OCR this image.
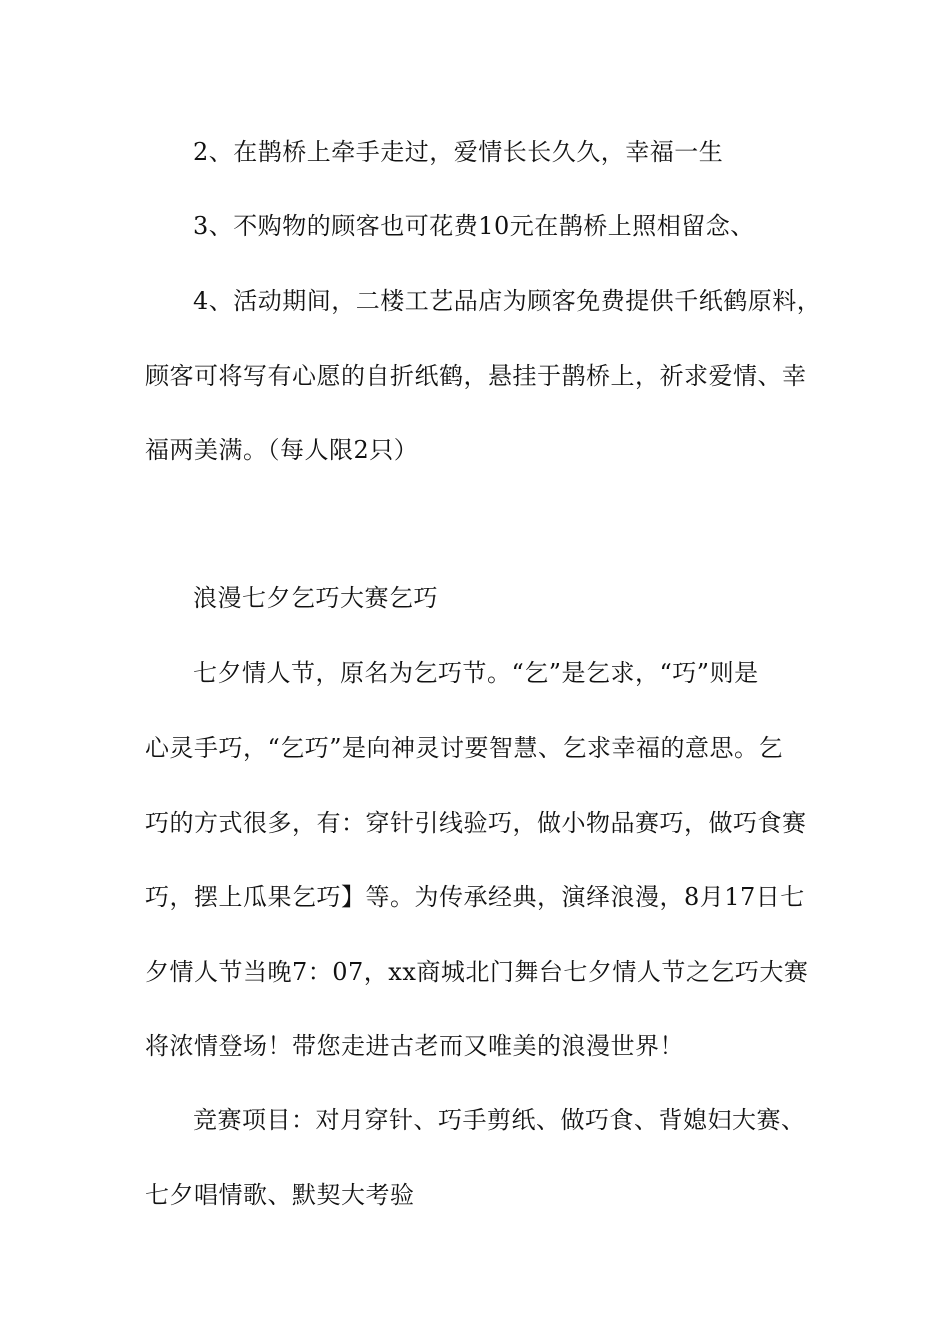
2、在鹊桥上牵手走过，爱情长长久久，幸福一生
3、不购物的顾客也可花费10元在鹊桥上照相留念、
4、活动期间，二楼工艺品店为顾客免费提供千纸鹤原料，
顾客可将写有心愿的自折纸鹤，悬挂于鹊桥上，祈求爱情、幸
福两美满。（每人限2只）
浪漫七夕乞巧大赛乞巧
七夕情人节，原名为乞巧节。“乞”是乞求，“巧”则是
心灵手巧，“乞巧”是向神灵讨要智慧、乞求幸福的意思。乞
巧的方式很多，有：穿针引线验巧，做小物品赛巧，做巧食赛
巧，摆上瓜果乞巧】等。为传承经典，演绎浪漫，8月17日七
夕情人节当晚7：07，xx商城北门舞台七夕情人节之乞巧大赛
将浓情登场！带您走进古老而又唯美的浪漫世界！
竞赛项目：对月穿针、巧手剪纸、做巧食、背媳妇大赛、
七夕唱情歌、默契大考验
